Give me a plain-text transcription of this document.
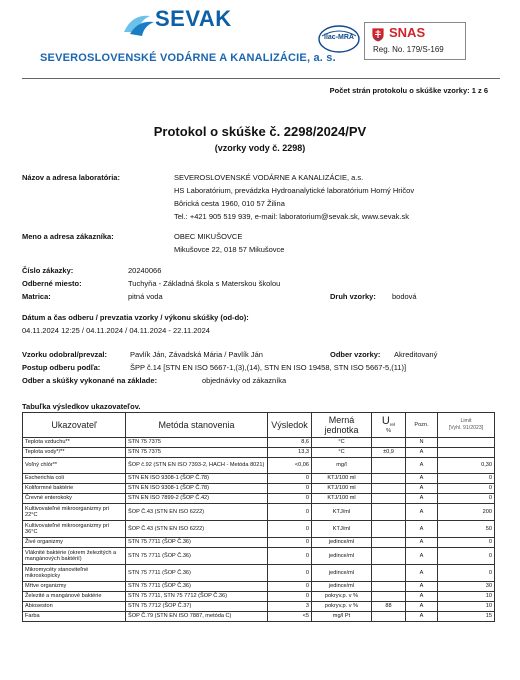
SEVAK
SEVEROSLOVENSKÉ VODÁRNE A KANALIZÁCIE, a. s.
ilac-MRA	SNAS
Reg. No. 179/S-169
Počet strán protokolu o skúške vzorky: 1 z 6
Protokol o skúške č. 2298/2024/PV
(vzorky vody č. 2298)
Názov a adresa laboratória:	SEVEROSLOVENSKÉ VODÁRNE A KANALIZÁCIE, a.s.
HS Laboratórium, prevádzka Hydroanalytické laboratórium Horný Hričov
Bôrická cesta 1960, 010 57 Žilina
Tel.: +421 905 519 939, e-mail: laboratorium@sevak.sk, www.sevak.sk
Meno a adresa zákazníka:	OBEC MIKUŠOVCE
Mikušovce 22, 018 57 Mikušovce
Číslo zákazky:	20240066
Odberné miesto:	Tuchyňa - Základná škola s Materskou školou
Matrica:	pitná voda	Druh vzorky: bodová
Dátum a čas odberu / prevzatia vzorky / výkonu skúšky (od-do):
04.11.2024 12:25 / 04.11.2024 / 04.11.2024 - 22.11.2024
Vzorku odobral/prevzal:	Pavlík Ján, Závadská Mária / Pavlík Ján	Odber vzorky: Akreditovaný
Postup odberu podľa:	ŠPP č.14 [STN EN ISO 5667-1,(3),(14), STN EN ISO 19458, STN ISO 5667-5,(11)]
Odber a skúšky vykonané na základe:	objednávky od zákazníka
Tabuľka výsledkov ukazovateľov.
Ukazovateľ	Metóda stanovenia	Výsledok	Merná
jednotka	$U_{rel}$
%	Pozn.	Limit
[Vyhl. 91/2023]
Teplota vzduchu**	STN 75 7375	8,6	°C		N	
Teplota vody*/**	STN 75 7375	13,3	°C	±0,9	A	
Voľný chlór**	ŠOP č.92 (STN EN ISO 7393-2, HACH - Metóda 8021)	<0,06	mg/l		A	0,30
Escherichia coli	STN EN ISO 9308-1 (ŠOP Č.78)	0	KTJ/100 ml		A	0
Koliformné baktérie	STN EN ISO 9308-1 (ŠOP Č.78)	0	KTJ/100 ml		A	0
Črevné enterokoky	STN EN ISO 7899-2 (ŠOP Č.42)	0	KTJ/100 ml		A	0
Kultivovateľné mikroorganizmy pri 22°C	ŠOP Č.43 (STN EN ISO 6222)	0	KTJ/ml		A	200
Kultivovateľné mikroorganizmy pri 36°C	ŠOP Č.43 (STN EN ISO 6222)	0	KTJ/ml		A	50
Živé organizmy	STN 75 7711 (ŠOP Č.36)	0	jedince/ml		A	0
Vláknité baktérie (okrem železitých a mangánových baktérií)	STN 75 7711 (ŠOP Č.36)	0	jedince/ml		A	0
Mikromycéty stanoviteľné mikroskopicky	STN 75 7711 (ŠOP Č.36)	0	jedince/ml		A	0
Mŕtve organizmy	STN 75 7711 (ŠOP Č.36)	0	jedince/ml		A	30
Železité a mangánové baktérie	STN 75 7711, STN 75 7712 (ŠOP Č.36)	0	pokryv.p. v %		A	10
Abioseston	STN 75 7712 (ŠOP Č.37)	3	pokryv.p. v %	88	A	10
Farba	ŠOP Č.79 (STN EN ISO 7887, metóda C)	<5	mg/l Pt		A	15
